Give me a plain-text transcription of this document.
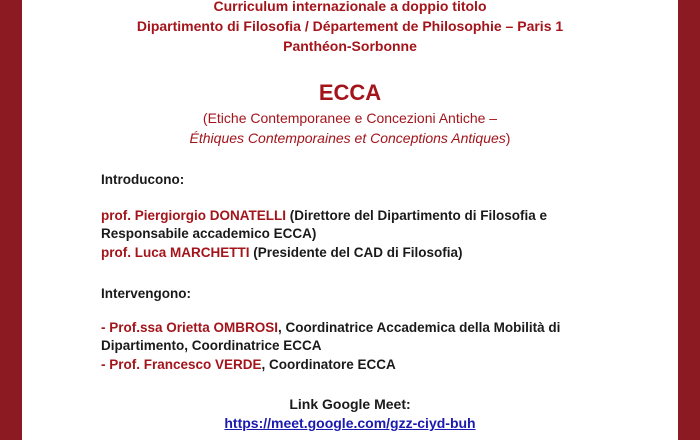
Curriculum internazionale a doppio titolo
Dipartimento di Filosofia / Département de Philosophie – Paris 1
Panthéon-Sorbonne
ECCA
(Etiche Contemporanee e Concezioni Antiche –
Éthiques Contemporaines et Conceptions Antiques)
Introducono:
prof. Piergiorgio DONATELLI (Direttore del Dipartimento di Filosofia e
Responsabile accademico ECCA)
prof. Luca MARCHETTI (Presidente del CAD di Filosofia)
Intervengono:
- Prof.ssa Orietta OMBROSI, Coordinatrice Accademica della Mobilità di
Dipartimento, Coordinatrice ECCA
- Prof. Francesco VERDE, Coordinatore ECCA
Link Google Meet:
https://meet.google.com/gzz-ciyd-buh
